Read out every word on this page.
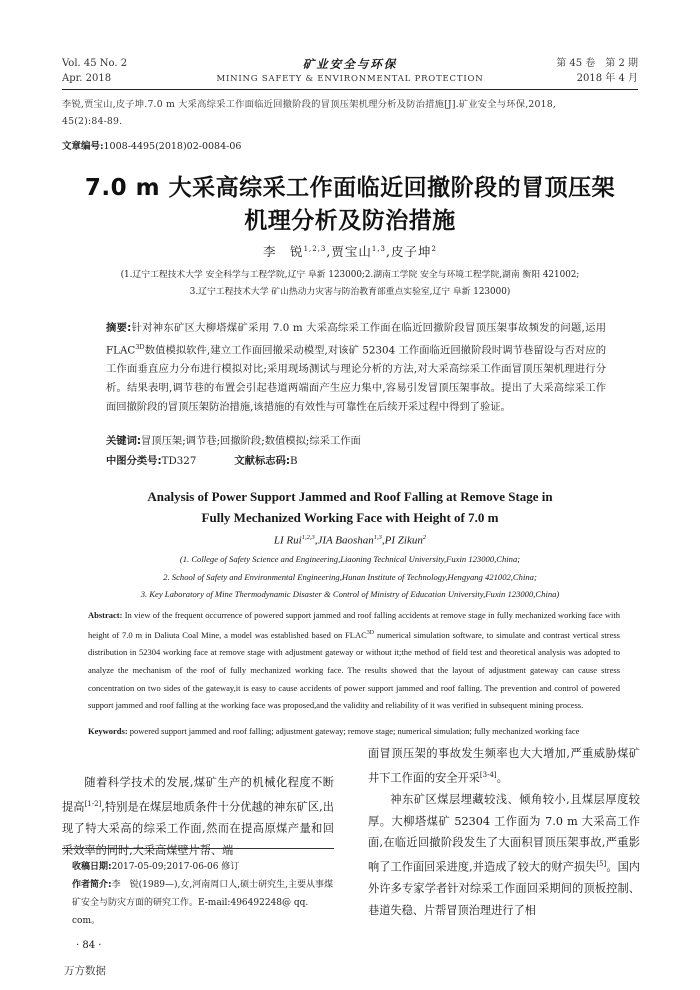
Vol. 45 No. 2
Apr. 2018
矿业安全与环保
MINING SAFETY & ENVIRONMENTAL PROTECTION
第 45 卷　第 2 期
2018 年 4 月
李锐,贾宝山,皮子坤.7.0 m 大采高综采工作面临近回撤阶段的冒顶压架机理分析及防治措施[J].矿业安全与环保,2018,
45(2):84-89.
文章编号:1008-4495(2018)02-0084-06
7.0 m 大采高综采工作面临近回撤阶段的冒顶压架
机理分析及防治措施
李　锐$^{1,2,3}$,贾宝山$^{1,3}$,皮子坤$^2$
(1.辽宁工程技术大学 安全科学与工程学院,辽宁 阜新 123000;2.湖南工学院 安全与环境工程学院,湖南 衡阳 421002;
3.辽宁工程技术大学 矿山热动力灾害与防治教育部重点实验室,辽宁 阜新 123000)
摘要:针对神东矿区大柳塔煤矿采用 7.0 m 大采高综采工作面在临近回撤阶段冒顶压架事故频发的问题,运用 $FLAC^{3D}$数值模拟软件,建立工作面回撤采动模型,对该矿 52304 工作面临近回撤阶段时调节巷留设与否对应的工作面垂直应力分布进行模拟对比;采用现场测试与理论分析的方法,对大采高综采工作面冒顶压架机理进行分析。结果表明,调节巷的布置会引起巷道两端面产生应力集中,容易引发冒顶压架事故。提出了大采高综采工作面回撤阶段的冒顶压架防治措施,该措施的有效性与可靠性在后续开采过程中得到了验证。
关键词:冒顶压架;调节巷;回撤阶段;数值模拟;综采工作面
中图分类号:TD327	文献标志码:B
Analysis of Power Support Jammed and Roof Falling at Remove Stage in
Fully Mechanized Working Face with Height of 7.0 m
LI Rui$^{1,2,3}$,JIA Baoshan$^{1,3}$,PI Zikun$^2$
(1. College of Safety Science and Engineering,Liaoning Technical University,Fuxin 123000,China;
2. School of Safety and Environmental Engineering,Hunan Institute of Technology,Hengyang 421002,China;
3. Key Laboratory of Mine Thermodynamic Disaster & Control of Ministry of Education University,Fuxin 123000,China)
Abstract: In view of the frequent occurrence of powered support jammed and roof falling accidents at remove stage in fully mechanized working face with height of 7.0 m in Daliuta Coal Mine, a model was established based on $FLAC^{3D}$ numerical simulation software, to simulate and contrast vertical stress distribution in 52304 working face at remove stage with adjustment gateway or without it;the method of field test and theoretical analysis was adopted to analyze the mechanism of the roof of fully mechanized working face. The results showed that the layout of adjustment gateway can cause stress concentration on two sides of the gateway,it is easy to cause accidents of power support jammed and roof falling. The prevention and control of powered support jammed and roof falling at the working face was proposed,and the validity and reliability of it was verified in subsequent mining process.
Keywords: powered support jammed and roof falling; adjustment gateway; remove stage; numerical simulation; fully mechanized working face

随着科学技术的发展,煤矿生产的机械化程度不断提高[1-2],特别是在煤层地质条件十分优越的神东矿区,出现了特大采高的综采工作面,然而在提高原煤产量和回采效率的同时,大采高煤壁片帮、端

面冒顶压架的事故发生频率也大大增加,严重威胁煤矿井下工作面的安全开采[3-4]。

神东矿区煤层埋藏较浅、倾角较小,且煤层厚度较厚。大柳塔煤矿 52304 工作面为 7.0 m 大采高工作面,在临近回撤阶段发生了大面积冒顶压架事故,严重影响了工作面回采进度,并造成了较大的财产损失[5]。国内外许多专家学者针对综采工作面回采期间的顶板控制、巷道失稳、片帮冒顶治理进行了相

收稿日期:2017-05-09;2017-06-06 修订
作者简介:李　锐(1989—),女,河南周口人,硕士研究生,主要从事煤矿安全与防灾方面的研究工作。E-mail:496492248@ qq. com。
· 84 ·
万方数据
